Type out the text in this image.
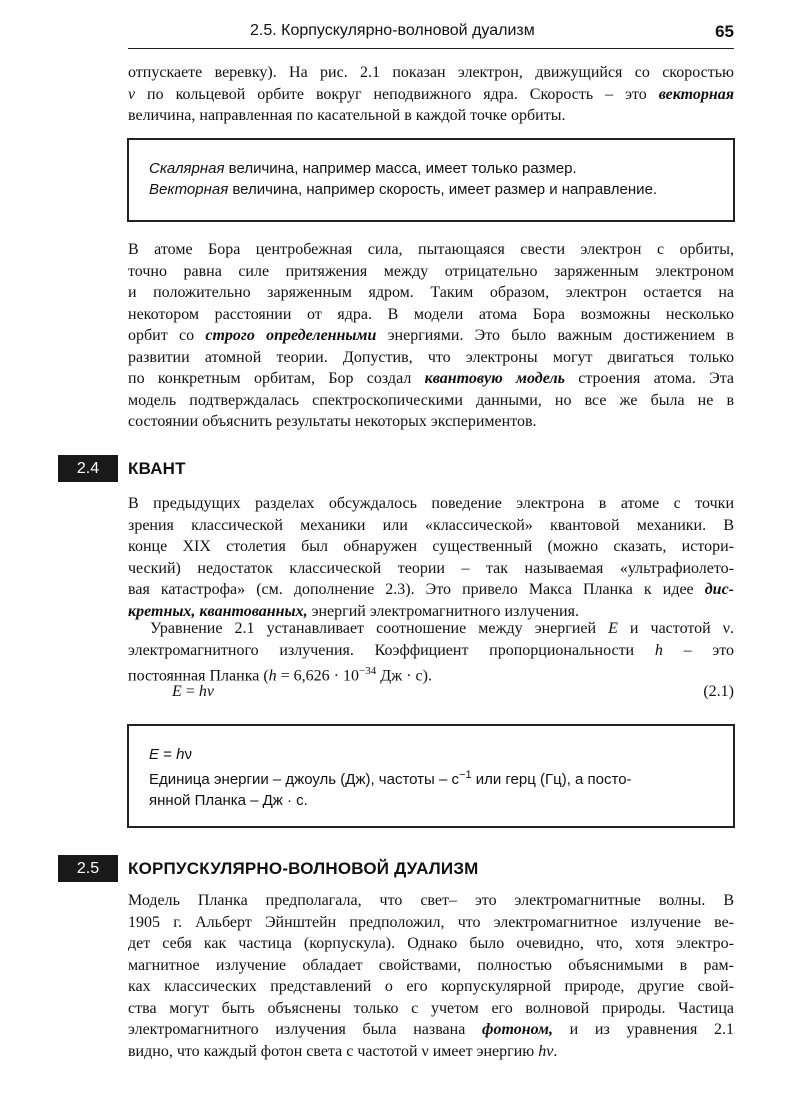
2.5. Корпускулярно-волновой дуализм	65
отпускаете веревку). На рис. 2.1 показан электрон, движущийся со скоростью
v по кольцевой орбите вокруг неподвижного ядра. Скорость – это векторная
величина, направленная по касательной в каждой точке орбиты.
Скалярная величина, например масса, имеет только размер.
Векторная величина, например скорость, имеет размер и направление.
В атоме Бора центробежная сила, пытающаяся свести электрон с орбиты,
точно равна силе притяжения между отрицательно заряженным электроном
и положительно заряженным ядром. Таким образом, электрон остается на
некотором расстоянии от ядра. В модели атома Бора возможны несколько
орбит со строго определенными энергиями. Это было важным достижением в
развитии атомной теории. Допустив, что электроны могут двигаться только
по конкретным орбитам, Бор создал квантовую модель строения атома. Эта
модель подтверждалась спектроскопическими данными, но все же была не в
состоянии объяснить результаты некоторых экспериментов.
2.4	КВАНТ
В предыдущих разделах обсуждалось поведение электрона в атоме с точки
зрения классической механики или «классической» квантовой механики. В
конце XIX столетия был обнаружен существенный (можно сказать, истори-
ческий) недостаток классической теории – так называемая «ультрафиолето-
вая катастрофа» (см. дополнение 2.3). Это привело Макса Планка к идее дис-
кретных, квантованных, энергий электромагнитного излучения.
Уравнение 2.1 устанавливает соотношение между энергией E и частотой ν.
электромагнитного излучения. Коэффициент пропорциональности h – это
постоянная Планка ($h = 6,626 \cdot 10^{-34}$ Дж · с).
E = hν	(2.1)
E = hν
Единица энергии – джоуль (Дж), частоты – $с^{-1}$ или герц (Гц), а посто-
янной Планка – Дж · с.
2.5	КОРПУСКУЛЯРНО-ВОЛНОВОЙ ДУАЛИЗМ
Модель Планка предполагала, что свет– это электромагнитные волны. В
1905 г. Альберт Эйнштейн предположил, что электромагнитное излучение ве-
дет себя как частица (корпускула). Однако было очевидно, что, хотя электро-
магнитное излучение обладает свойствами, полностью объяснимыми в рам-
ках классических представлений о его корпускулярной природе, другие свой-
ства могут быть объяснены только с учетом его волновой природы. Частица
электромагнитного излучения была названа фотоном, и из уравнения 2.1
видно, что каждый фотон света с частотой ν имеет энергию hν.
